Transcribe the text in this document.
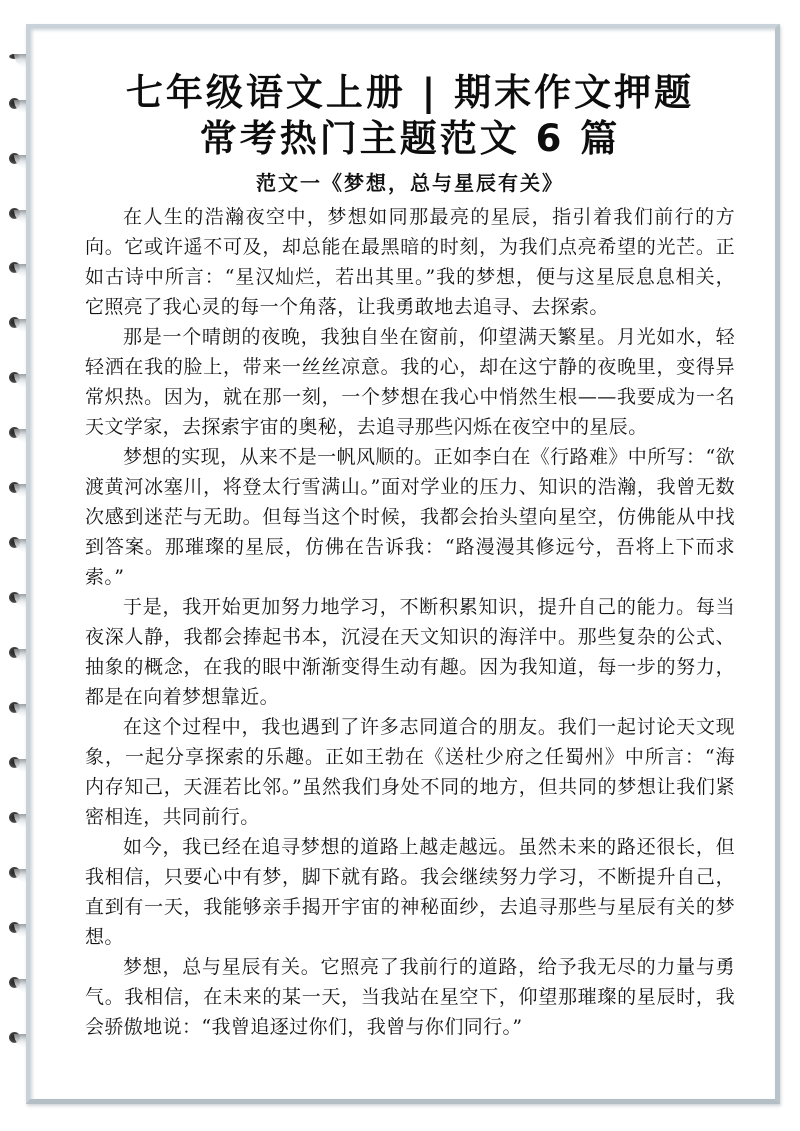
七年级语文上册 | 期末作文押题
常考热门主题范文 6 篇
范文一《梦想，总与星辰有关》

在人生的浩瀚夜空中，梦想如同那最亮的星辰，指引着我们前行的方向。它或许遥不可及，却总能在最黑暗的时刻，为我们点亮希望的光芒。正如古诗中所言：“星汉灿烂，若出其里。”我的梦想，便与这星辰息息相关，它照亮了我心灵的每一个角落，让我勇敢地去追寻、去探索。

那是一个晴朗的夜晚，我独自坐在窗前，仰望满天繁星。月光如水，轻轻洒在我的脸上，带来一丝丝凉意。我的心，却在这宁静的夜晚里，变得异常炽热。因为，就在那一刻，一个梦想在我心中悄然生根——我要成为一名天文学家，去探索宇宙的奥秘，去追寻那些闪烁在夜空中的星辰。

梦想的实现，从来不是一帆风顺的。正如李白在《行路难》中所写：“欲渡黄河冰塞川，将登太行雪满山。”面对学业的压力、知识的浩瀚，我曾无数次感到迷茫与无助。但每当这个时候，我都会抬头望向星空，仿佛能从中找到答案。那璀璨的星辰，仿佛在告诉我：“路漫漫其修远兮，吾将上下而求索。”

于是，我开始更加努力地学习，不断积累知识，提升自己的能力。每当夜深人静，我都会捧起书本，沉浸在天文知识的海洋中。那些复杂的公式、抽象的概念，在我的眼中渐渐变得生动有趣。因为我知道，每一步的努力，都是在向着梦想靠近。

在这个过程中，我也遇到了许多志同道合的朋友。我们一起讨论天文现象，一起分享探索的乐趣。正如王勃在《送杜少府之任蜀州》中所言：“海内存知己，天涯若比邻。”虽然我们身处不同的地方，但共同的梦想让我们紧密相连，共同前行。

如今，我已经在追寻梦想的道路上越走越远。虽然未来的路还很长，但我相信，只要心中有梦，脚下就有路。我会继续努力学习，不断提升自己，直到有一天，我能够亲手揭开宇宙的神秘面纱，去追寻那些与星辰有关的梦想。

梦想，总与星辰有关。它照亮了我前行的道路，给予我无尽的力量与勇气。我相信，在未来的某一天，当我站在星空下，仰望那璀璨的星辰时，我会骄傲地说：“我曾追逐过你们，我曾与你们同行。”
